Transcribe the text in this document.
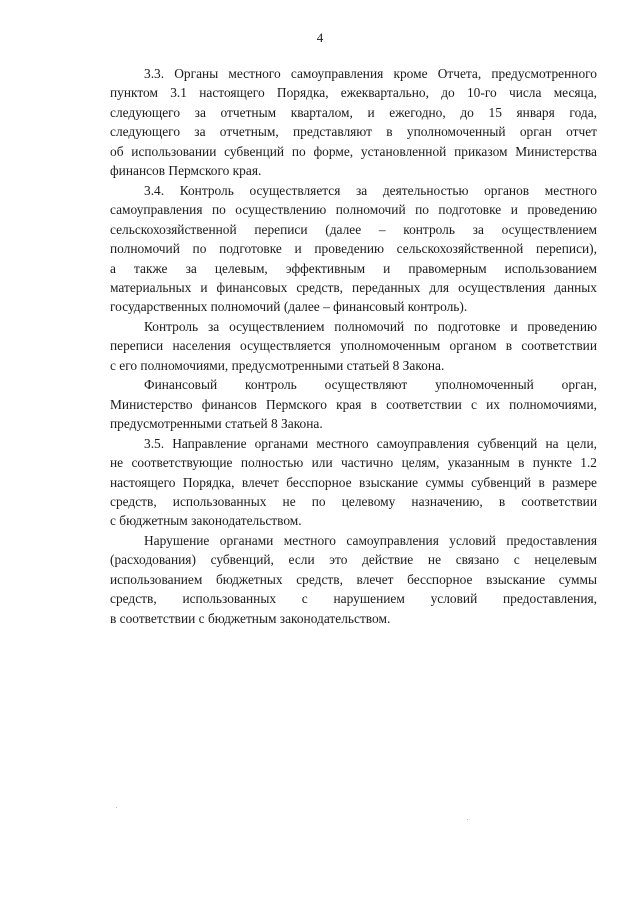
4
3.3. Органы местного самоуправления кроме Отчета, предусмотренного
пунктом 3.1 настоящего Порядка, ежеквартально, до 10-го числа месяца,
следующего за отчетным кварталом, и ежегодно, до 15 января года,
следующего за отчетным, представляют в уполномоченный орган отчет
об использовании субвенций по форме, установленной приказом Министерства
финансов Пермского края.
3.4. Контроль осуществляется за деятельностью органов местного
самоуправления по осуществлению полномочий по подготовке и проведению
сельскохозяйственной переписи (далее – контроль за осуществлением
полномочий по подготовке и проведению сельскохозяйственной переписи),
а также за целевым, эффективным и правомерным использованием
материальных и финансовых средств, переданных для осуществления данных
государственных полномочий (далее – финансовый контроль).
Контроль за осуществлением полномочий по подготовке и проведению
переписи населения осуществляется уполномоченным органом в соответствии
с его полномочиями, предусмотренными статьей 8 Закона.
Финансовый контроль осуществляют уполномоченный орган,
Министерство финансов Пермского края в соответствии с их полномочиями,
предусмотренными статьей 8 Закона.
3.5. Направление органами местного самоуправления субвенций на цели,
не соответствующие полностью или частично целям, указанным в пункте 1.2
настоящего Порядка, влечет бесспорное взыскание суммы субвенций в размере
средств, использованных не по целевому назначению, в соответствии
с бюджетным законодательством.
Нарушение органами местного самоуправления условий предоставления
(расходования) субвенций, если это действие не связано с нецелевым
использованием бюджетных средств, влечет бесспорное взыскание суммы
средств, использованных с нарушением условий предоставления,
в соответствии с бюджетным законодательством.
